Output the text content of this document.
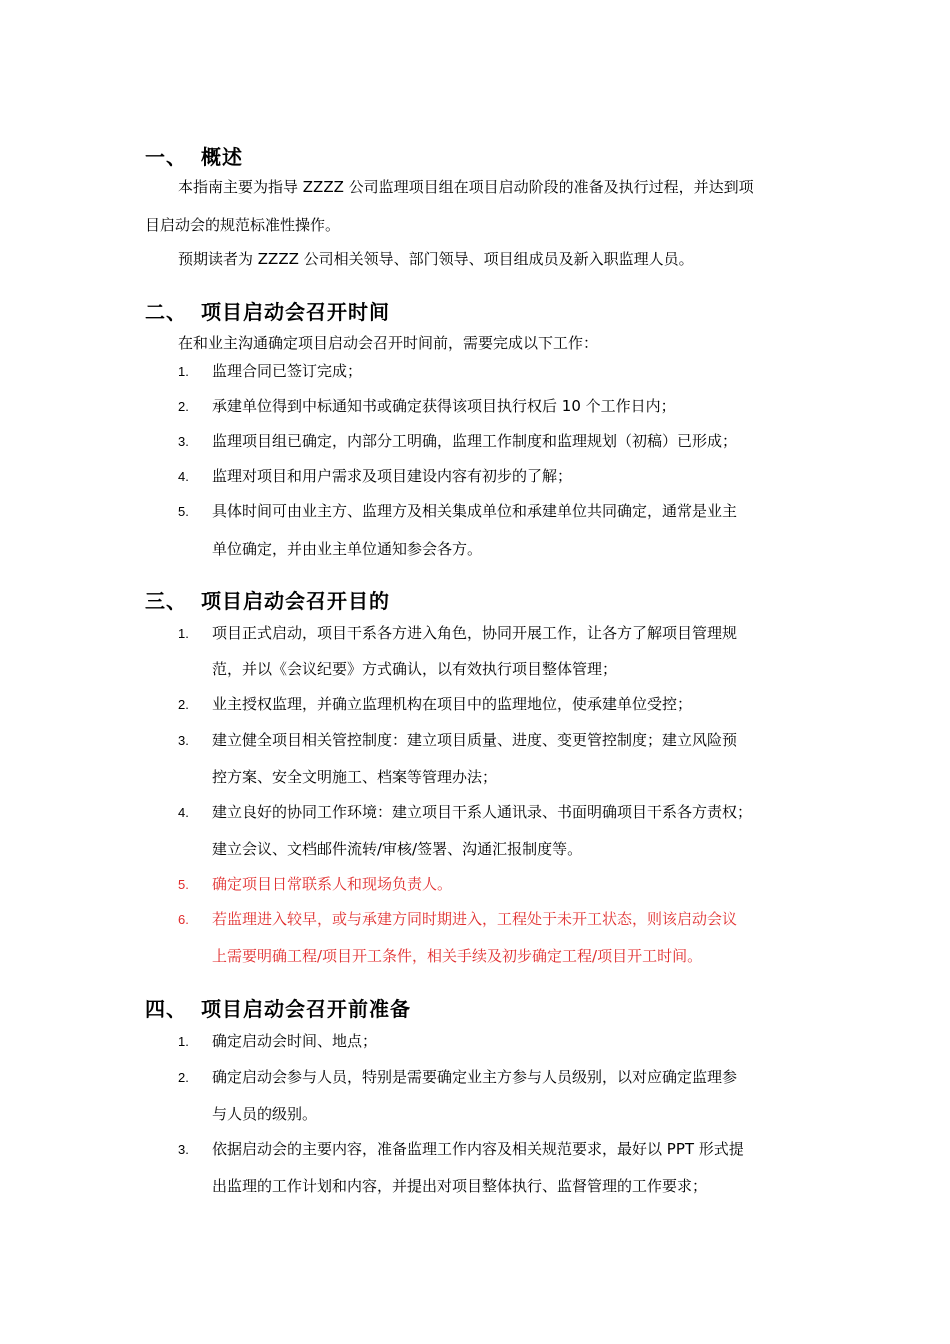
一、 概述
本指南主要为指导 ZZZZ 公司监理项目组在项目启动阶段的准备及执行过程，并达到项
目启动会的规范标准性操作。
预期读者为 ZZZZ 公司相关领导、部门领导、项目组成员及新入职监理人员。
二、 项目启动会召开时间
在和业主沟通确定项目启动会召开时间前，需要完成以下工作：
1. 监理合同已签订完成；
2. 承建单位得到中标通知书或确定获得该项目执行权后 10 个工作日内；
3. 监理项目组已确定，内部分工明确，监理工作制度和监理规划（初稿）已形成；
4. 监理对项目和用户需求及项目建设内容有初步的了解；
5. 具体时间可由业主方、监理方及相关集成单位和承建单位共同确定，通常是业主
单位确定，并由业主单位通知参会各方。
三、 项目启动会召开目的
1. 项目正式启动，项目干系各方进入角色，协同开展工作，让各方了解项目管理规
范，并以《会议纪要》方式确认，以有效执行项目整体管理；
2. 业主授权监理，并确立监理机构在项目中的监理地位，使承建单位受控；
3. 建立健全项目相关管控制度：建立项目质量、进度、变更管控制度；建立风险预
控方案、安全文明施工、档案等管理办法；
4. 建立良好的协同工作环境：建立项目干系人通讯录、书面明确项目干系各方责权；
建立会议、文档邮件流转/审核/签署、沟通汇报制度等。
5. 确定项目日常联系人和现场负责人。
6. 若监理进入较早，或与承建方同时期进入，工程处于未开工状态，则该启动会议
上需要明确工程/项目开工条件，相关手续及初步确定工程/项目开工时间。
四、 项目启动会召开前准备
1. 确定启动会时间、地点；
2. 确定启动会参与人员，特别是需要确定业主方参与人员级别，以对应确定监理参
与人员的级别。
3. 依据启动会的主要内容，准备监理工作内容及相关规范要求，最好以 PPT 形式提
出监理的工作计划和内容，并提出对项目整体执行、监督管理的工作要求；
